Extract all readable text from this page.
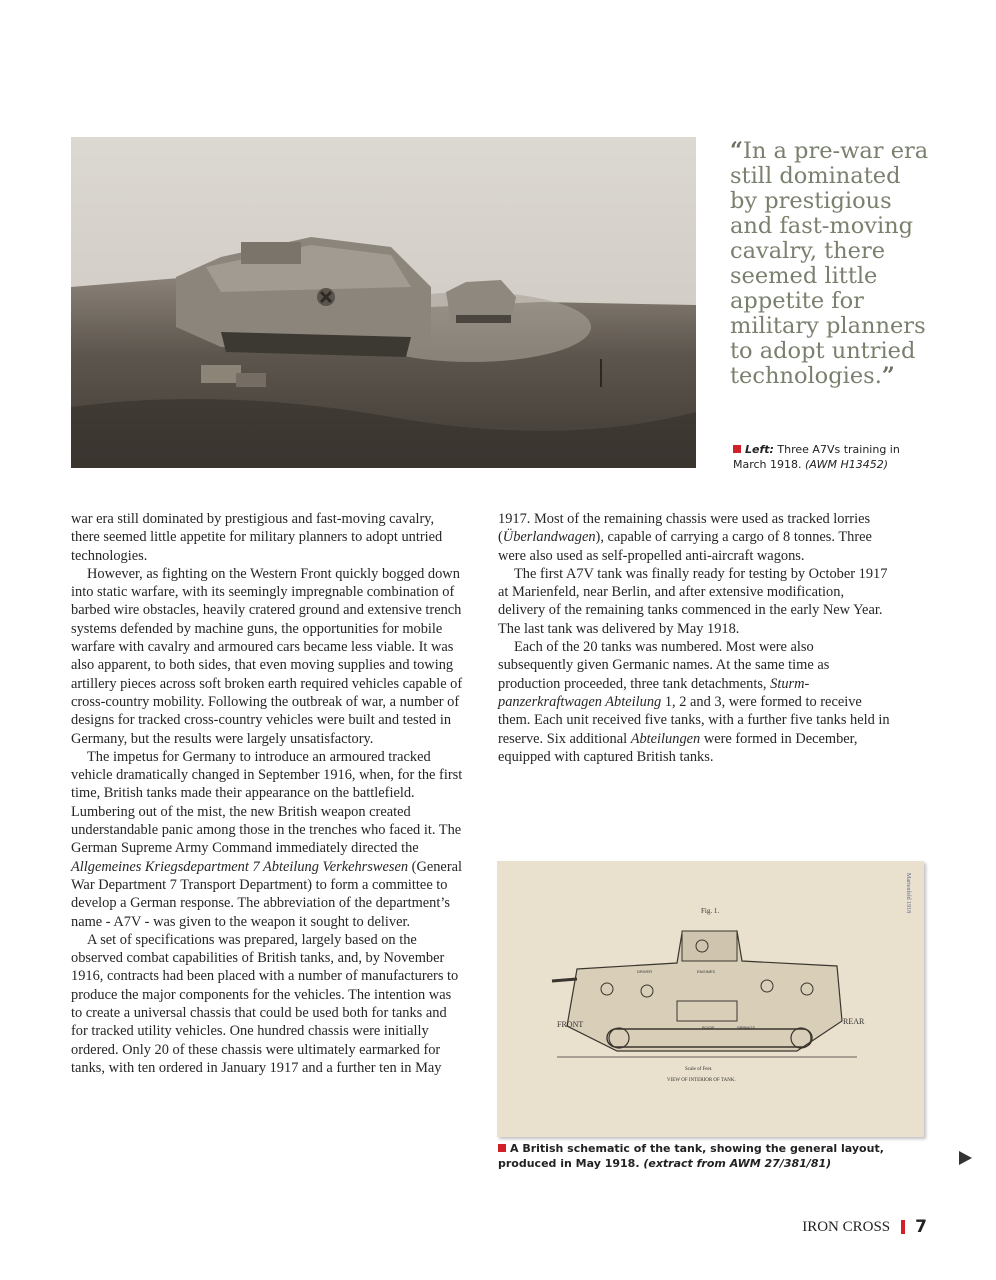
“In a pre-war era still dominated by prestigious and fast-moving cavalry, there seemed little appetite for military planners to adopt untried technologies.”
Left: Three A7Vs training in March 1918. (AWM H13452)

war era still dominated by prestigious and fast-moving cavalry, there seemed little appetite for military planners to adopt untried technologies.

However, as fighting on the Western Front quickly bogged down into static warfare, with its seemingly impregnable combination of barbed wire obstacles, heavily cratered ground and extensive trench systems defended by machine guns, the opportunities for mobile warfare with cavalry and armoured cars became less viable. It was also apparent, to both sides, that even moving supplies and towing artillery pieces across soft broken earth required vehicles capable of cross-country mobility. Following the outbreak of war, a number of designs for tracked cross-country vehicles were built and tested in Germany, but the results were largely unsatisfactory.

The impetus for Germany to introduce an armoured tracked vehicle dramatically changed in September 1916, when, for the first time, British tanks made their appearance on the battlefield. Lumbering out of the mist, the new British weapon created understandable panic among those in the trenches who faced it. The German Supreme Army Command immediately directed the Allgemeines Kriegsdepartment 7 Abteilung Verkehrswesen (General War Department 7 Transport Department) to form a committee to develop a German response. The abbreviation of the department’s name - A7V - was given to the weapon it sought to deliver.

A set of specifications was prepared, largely based on the observed combat capabilities of British tanks, and, by November 1916, contracts had been placed with a number of manufacturers to produce the major components for the vehicles. The intention was to create a universal chassis that could be used both for tanks and for tracked utility vehicles. One hundred chassis were initially ordered. Only 20 of these chassis were ultimately earmarked for tanks, with ten ordered in January 1917 and a further ten in May

1917. Most of the remaining chassis were used as tracked lorries (Überlandwagen), capable of carrying a cargo of 8 tonnes. Three were also used as self-propelled anti-aircraft wagons.

The first A7V tank was finally ready for testing by October 1917 at Marienfeld, near Berlin, and after extensive modification, delivery of the remaining tanks commenced in the early New Year. The last tank was delivered by May 1918.

Each of the 20 tanks was numbered. Most were also subsequently given Germanic names. At the same time as production proceeded, three tank detachments, Sturm-panzerkraftwagen Abteilung 1, 2 and 3, were formed to receive them. Each unit received five tanks, with a further five tanks held in reserve. Six additional Abteilungen were formed in December, equipped with captured British tanks.

Fig. 1.
FRONT	REAR
Scale of Feet.
VIEW OF INTERIOR OF TANK.
ENGINES
DRIVER
BOGIE	SPRINGS
Marienfeld 1918
A British schematic of the tank, showing the general layout, produced in May 1918. (extract from AWM 27/381/81)
IRON CROSS 7
